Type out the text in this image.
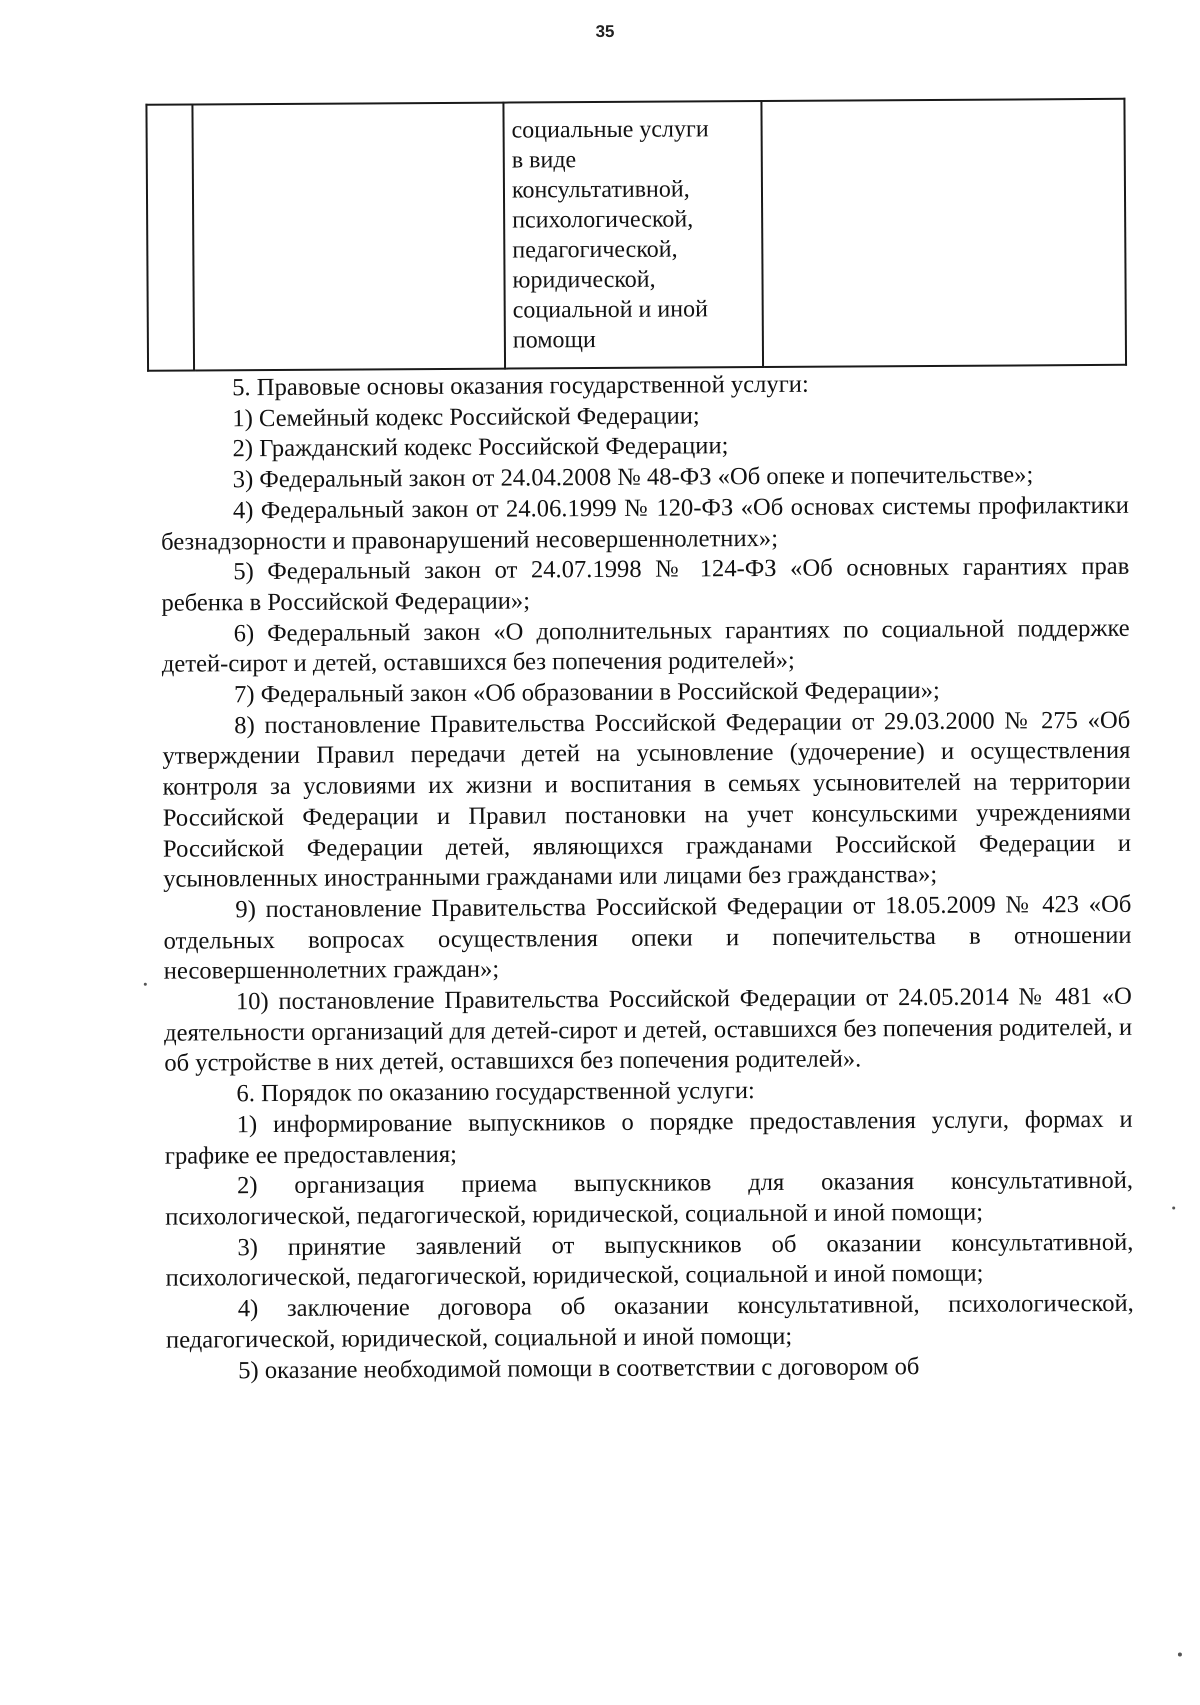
35

социальные услуги
в виде
консультативной,
психологической,
педагогической,
юридической,
социальной и иной
помощи

5. Правовые основы оказания государственной услуги:

1) Семейный кодекс Российской Федерации;

2) Гражданский кодекс Российской Федерации;

3) Федеральный закон от 24.04.2008 № 48-ФЗ «Об опеке и попечительстве»;

4) Федеральный закон от 24.06.1999 № 120-ФЗ «Об основах системы профилактики безнадзорности и правонарушений несовершеннолетних»;

5) Федеральный закон от 24.07.1998 № 124-ФЗ «Об основных гарантиях прав ребенка в Российской Федерации»;

6) Федеральный закон «О дополнительных гарантиях по социальной поддержке детей-сирот и детей, оставшихся без попечения родителей»;

7) Федеральный закон «Об образовании в Российской Федерации»;

8) постановление Правительства Российской Федерации от 29.03.2000 № 275 «Об утверждении Правил передачи детей на усыновление (удочерение) и осуществления контроля за условиями их жизни и воспитания в семьях усыновителей на территории Российской Федерации и Правил постановки на учет консульскими учреждениями Российской Федерации детей, являющихся гражданами Российской Федерации и усыновленных иностранными гражданами или лицами без гражданства»;

9) постановление Правительства Российской Федерации от 18.05.2009 № 423 «Об отдельных вопросах осуществления опеки и попечительства в отношении несовершеннолетних граждан»;

10) постановление Правительства Российской Федерации от 24.05.2014 № 481 «О деятельности организаций для детей-сирот и детей, оставшихся без попечения родителей, и об устройстве в них детей, оставшихся без попечения родителей».

6. Порядок по оказанию государственной услуги:

1) информирование выпускников о порядке предоставления услуги, формах и графике ее предоставления;

2) организация приема выпускников для оказания консультативной, психологической, педагогической, юридической, социальной и иной помощи;

3) принятие заявлений от выпускников об оказании консультативной, психологической, педагогической, юридической, социальной и иной помощи;

4) заключение договора об оказании консультативной, психологической, педагогической, юридической, социальной и иной помощи;

5) оказание необходимой помощи в соответствии с договором об
